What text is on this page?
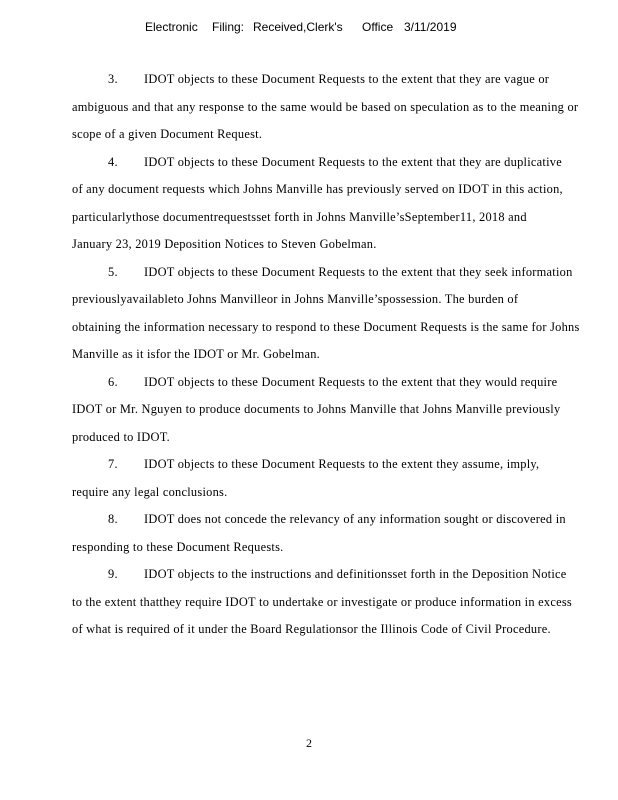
Electronic Filing: Received,Clerk's Office 3/11/2019
3. IDOT objects to these Document Requests to the extent that they are vague or
ambiguous and that any response to the same would be based on speculation as to the meaning or
scope of a given Document Request.
4. IDOT objects to these Document Requests to the extent that they are duplicative
of any document requests which Johns Manville has previously served on IDOT in this action,
particularlythose documentrequestsset forth in Johns Manville’sSeptember11, 2018 and
January 23, 2019 Deposition Notices to Steven Gobelman.
5. IDOT objects to these Document Requests to the extent that they seek information
previouslyavailableto Johns Manvilleor in Johns Manville’spossession. The burden of
obtaining the information necessary to respond to these Document Requests is the same for Johns
Manville as it isfor the IDOT or Mr. Gobelman.
6. IDOT objects to these Document Requests to the extent that they would require
IDOT or Mr. Nguyen to produce documents to Johns Manville that Johns Manville previously
produced to IDOT.
7. IDOT objects to these Document Requests to the extent they assume, imply,
require any legal conclusions.
8. IDOT does not concede the relevancy of any information sought or discovered in
responding to these Document Requests.
9. IDOT objects to the instructions and definitionsset forth in the Deposition Notice
to the extent thatthey require IDOT to undertake or investigate or produce information in excess
of what is required of it under the Board Regulationsor the Illinois Code of Civil Procedure.
2
